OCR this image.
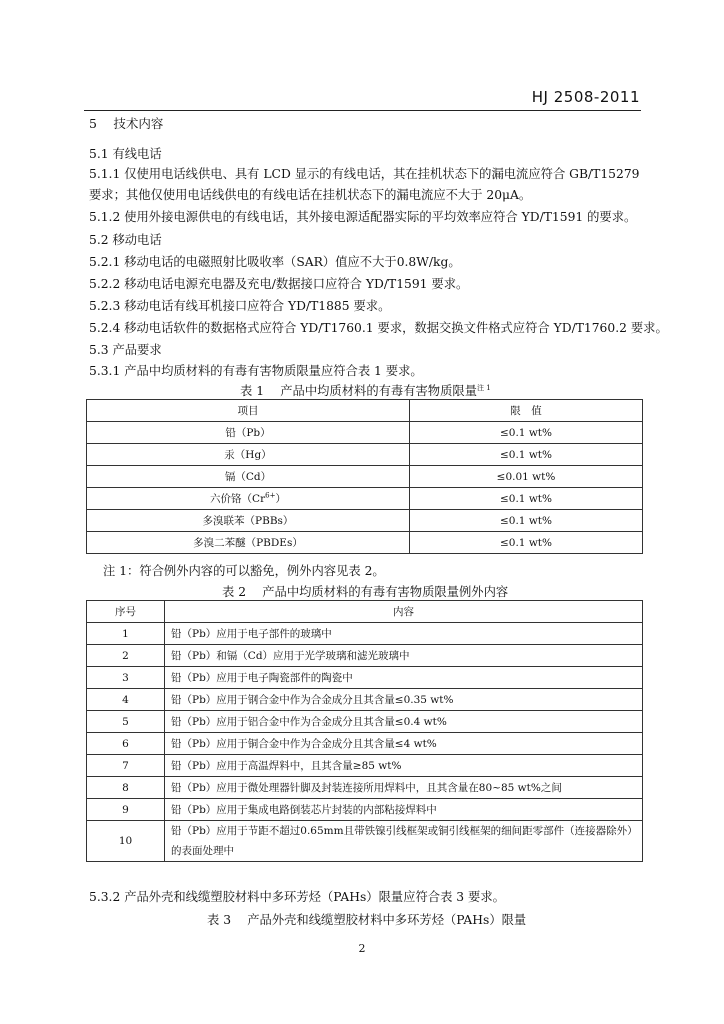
HJ 2508-2011
5　 技术内容
5.1 有线电话
5.1.1 仅使用电话线供电、具有 LCD 显示的有线电话，其在挂机状态下的漏电流应符合 GB/T15279
要求；其他仅使用电话线供电的有线电话在挂机状态下的漏电流应不大于 20μA。
5.1.2 使用外接电源供电的有线电话，其外接电源适配器实际的平均效率应符合 YD/T1591 的要求。
5.2 移动电话
5.2.1 移动电话的电磁照射比吸收率（SAR）值应不大于0.8W/kg。
5.2.2 移动电话电源充电器及充电/数据接口应符合 YD/T1591 要求。
5.2.3 移动电话有线耳机接口应符合 YD/T1885 要求。
5.2.4 移动电话软件的数据格式应符合 YD/T1760.1 要求，数据交换文件格式应符合 YD/T1760.2 要求。
5.3 产品要求
5.3.1 产品中均质材料的有毒有害物质限量应符合表 1 要求。
表 1　 产品中均质材料的有毒有害物质限量$^{注 1}$
项目	限　值
铅（Pb）	≤0.1 wt%
汞（Hg）	≤0.1 wt%
镉（Cd）	≤0.01 wt%
六价铬$(Cr^{6+})$	≤0.1 wt%
多溴联苯（PBBs）	≤0.1 wt%
多溴二苯醚（PBDEs）	≤0.1 wt%
注 1：符合例外内容的可以豁免，例外内容见表 2。
表 2　 产品中均质材料的有毒有害物质限量例外内容
序号	内容
1	铅（Pb）应用于电子部件的玻璃中
2	铅（Pb）和镉（Cd）应用于光学玻璃和滤光玻璃中
3	铅（Pb）应用于电子陶瓷部件的陶瓷中
4	铅（Pb）应用于钢合金中作为合金成分且其含量≤0.35 wt%
5	铅（Pb）应用于铝合金中作为合金成分且其含量≤0.4 wt%
6	铅（Pb）应用于铜合金中作为合金成分且其含量≤4 wt%
7	铅（Pb）应用于高温焊料中，且其含量≥85 wt%
8	铅（Pb）应用于微处理器针脚及封装连接所用焊料中，且其含量在80~85 wt%之间
9	铅（Pb）应用于集成电路倒装芯片封装的内部粘接焊料中
10	铅（Pb）应用于节距不超过0.65mm且带铁镍引线框架或铜引线框架的细间距零部件（连接器除外）的表面处理中
5.3.2 产品外壳和线缆塑胶材料中多环芳烃（PAHs）限量应符合表 3 要求。
表 3　 产品外壳和线缆塑胶材料中多环芳烃（PAHs）限量
2
